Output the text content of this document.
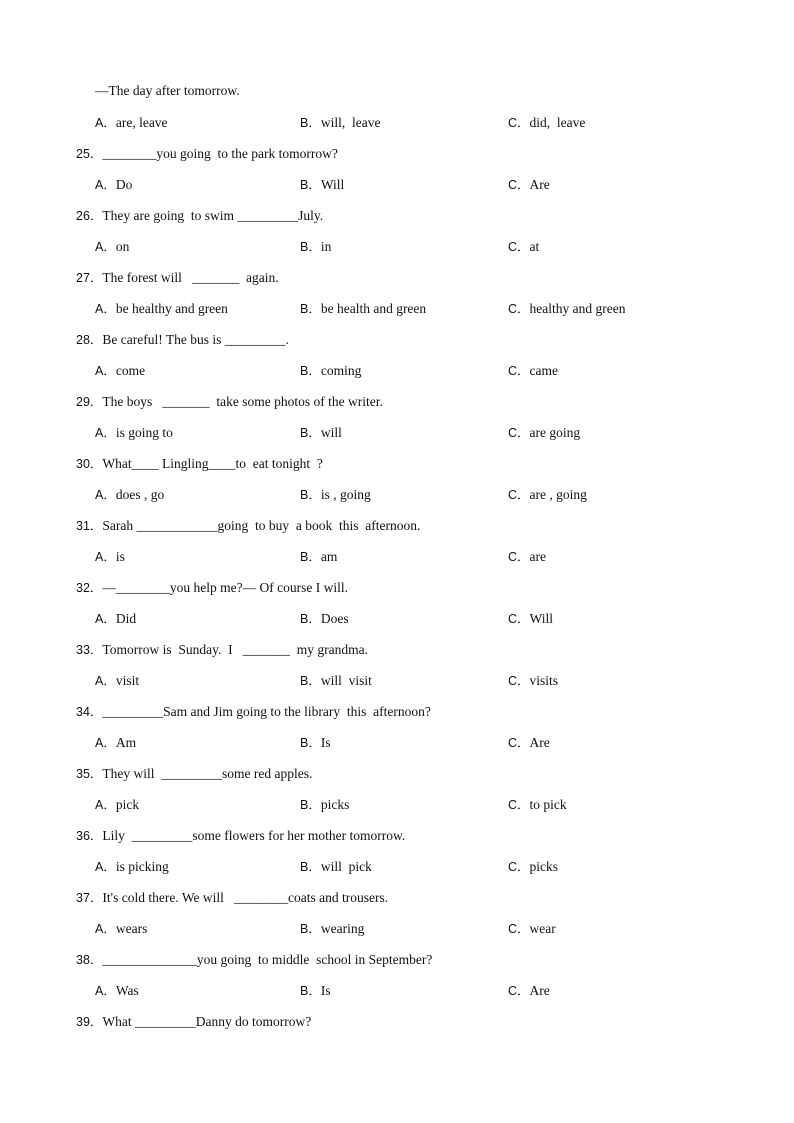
—The day after tomorrow.
A．are, leave	B．will,  leave	C．did,  leave
25．________you going  to the park tomorrow?
A．Do	B．Will	C．Are
26．They are going  to swim _________July.
A．on	B．in	C．at
27．The forest will   _______  again.
A．be healthy and green	B．be health and green	C．healthy and green
28．Be careful! The bus is _________.
A．come	B．coming	C．came
29．The boys   _______  take some photos of the writer.
A．is going to	B．will	C．are going
30．What____ Lingling____to  eat tonight  ?
A．does , go	B．is , going	C．are , going
31．Sarah ____________going  to buy  a book  this  afternoon.
A．is	B．am	C．are
32．—________you help me?— Of course I will.
A．Did	B．Does	C．Will
33．Tomorrow is  Sunday.  I   _______  my grandma.
A．visit	B．will  visit	C．visits
34．_________Sam and Jim going to the library  this  afternoon?
A．Am	B．Is	C．Are
35．They will  _________some red apples.
A．pick	B．picks	C．to pick
36．Lily  _________some flowers for her mother tomorrow.
A．is picking	B．will  pick	C．picks
37．It's cold there. We will   ________coats and trousers.
A．wears	B．wearing	C．wear
38．______________you going  to middle  school in September?
A．Was	B．Is	C．Are
39．What _________Danny do tomorrow?
